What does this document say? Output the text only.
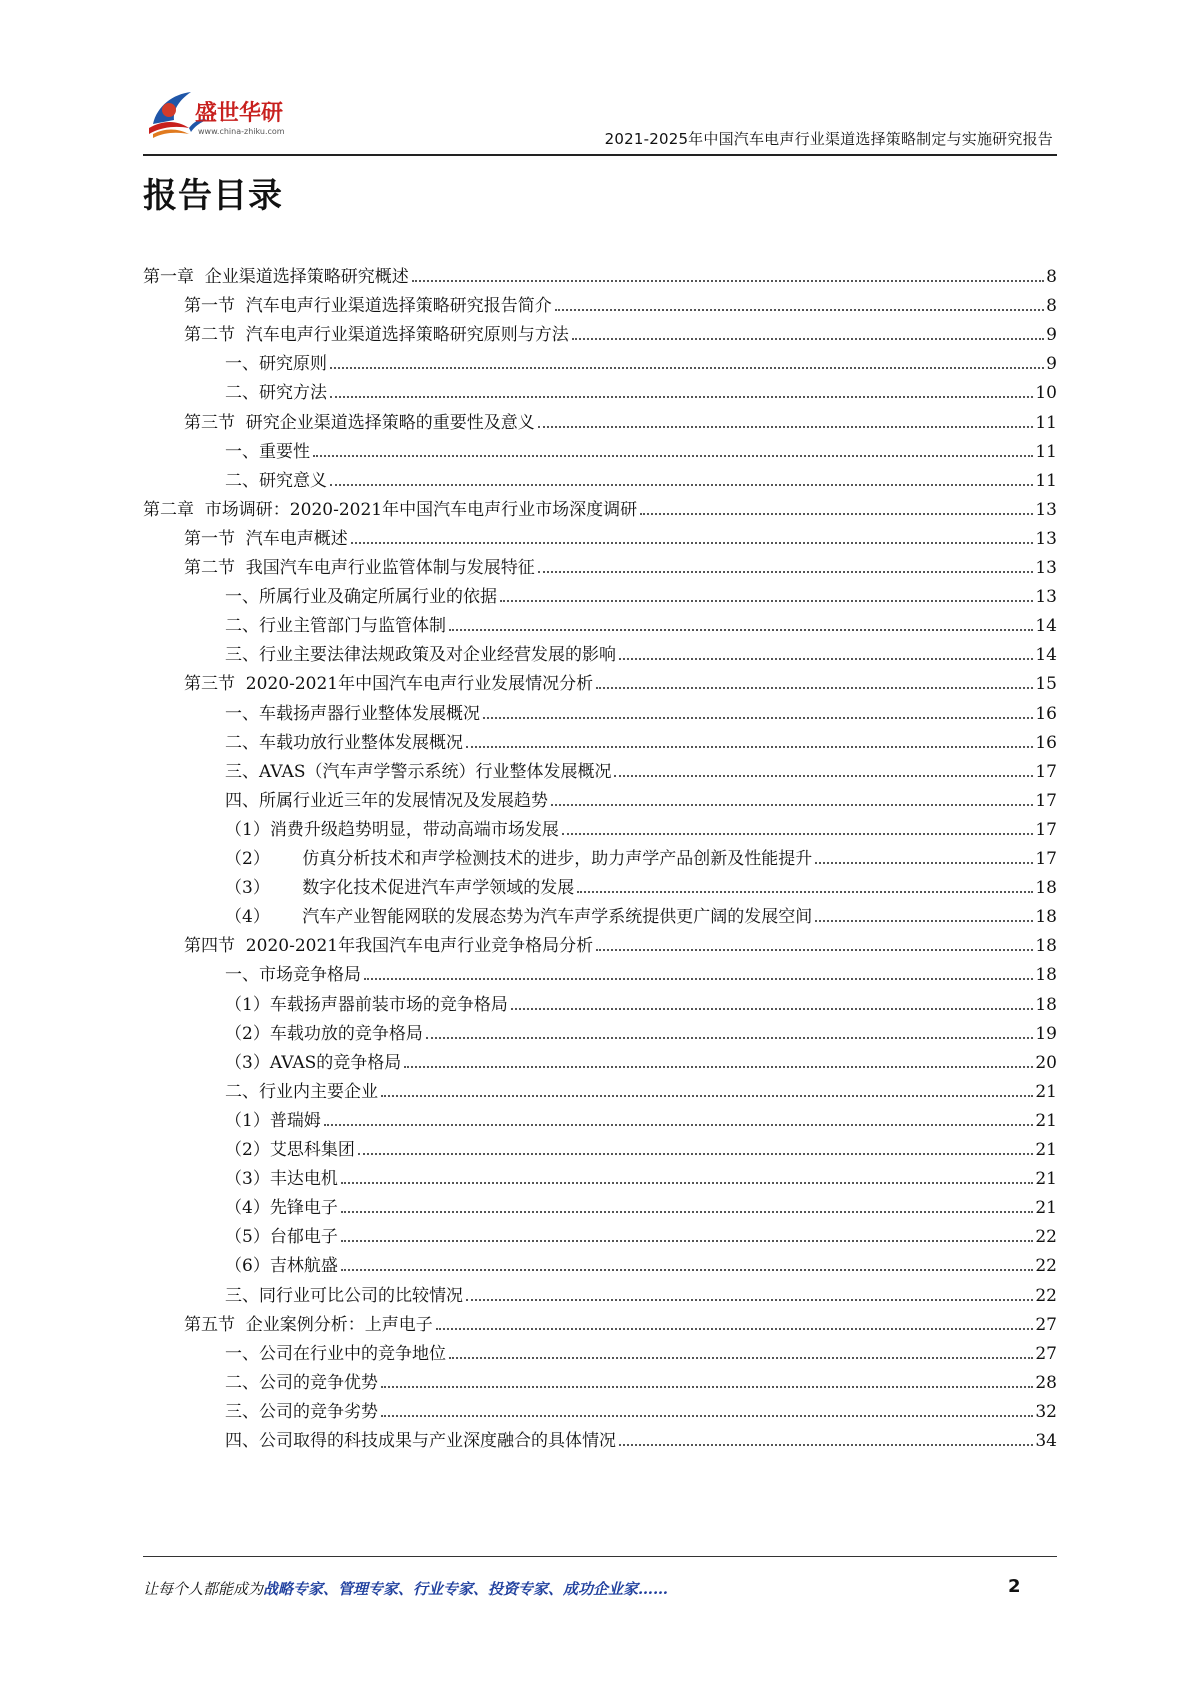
盛世华研
www.china-zhiku.com	2021-2025年中国汽车电声行业渠道选择策略制定与实施研究报告
报告目录
第一章  企业渠道选择策略研究概述	8
第一节  汽车电声行业渠道选择策略研究报告简介	8
第二节  汽车电声行业渠道选择策略研究原则与方法	9
一、研究原则	9
二、研究方法	10
第三节  研究企业渠道选择策略的重要性及意义	11
一、重要性	11
二、研究意义	11
第二章  市场调研：2020-2021年中国汽车电声行业市场深度调研	13
第一节  汽车电声概述	13
第二节  我国汽车电声行业监管体制与发展特征	13
一、所属行业及确定所属行业的依据	13
二、行业主管部门与监管体制	14
三、行业主要法律法规政策及对企业经营发展的影响	14
第三节  2020-2021年中国汽车电声行业发展情况分析	15
一、车载扬声器行业整体发展概况	16
二、车载功放行业整体发展概况	16
三、AVAS（汽车声学警示系统）行业整体发展概况	17
四、所属行业近三年的发展情况及发展趋势	17
（1）消费升级趋势明显，带动高端市场发展	17
（2）      仿真分析技术和声学检测技术的进步，助力声学产品创新及性能提升	17
（3）      数字化技术促进汽车声学领域的发展	18
（4）      汽车产业智能网联的发展态势为汽车声学系统提供更广阔的发展空间	18
第四节  2020-2021年我国汽车电声行业竞争格局分析	18
一、市场竞争格局	18
（1）车载扬声器前装市场的竞争格局	18
（2）车载功放的竞争格局	19
（3）AVAS的竞争格局	20
二、行业内主要企业	21
（1）普瑞姆	21
（2）艾思科集团	21
（3）丰达电机	21
（4）先锋电子	21
（5）台郁电子	22
（6）吉林航盛	22
三、同行业可比公司的比较情况	22
第五节  企业案例分析：上声电子	27
一、公司在行业中的竞争地位	27
二、公司的竞争优势	28
三、公司的竞争劣势	32
四、公司取得的科技成果与产业深度融合的具体情况	34
让每个人都能成为战略专家、管理专家、行业专家、投资专家、成功企业家……	2
